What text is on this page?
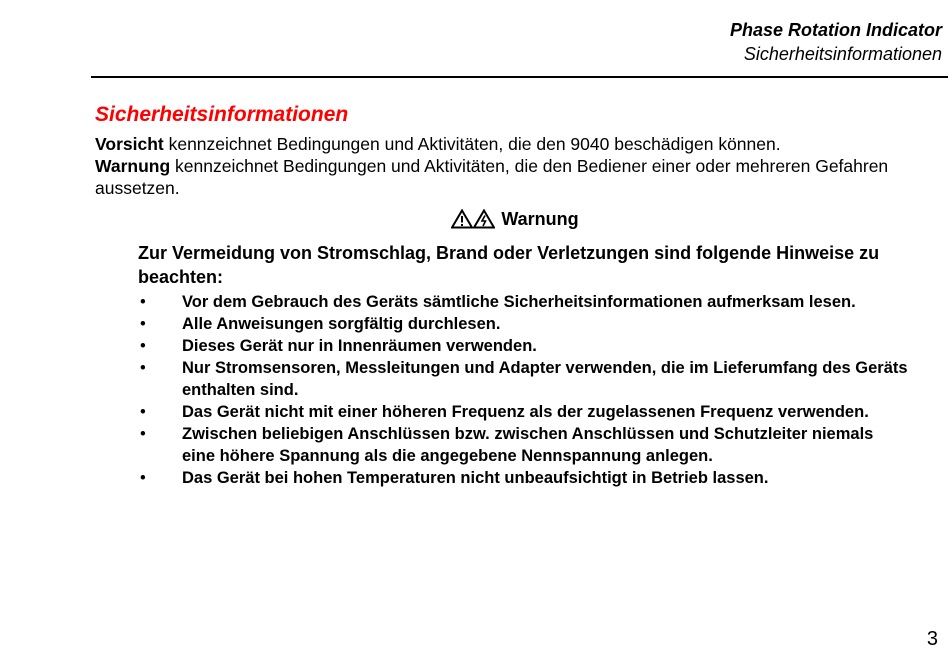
Phase Rotation Indicator
Sicherheitsinformationen
Sicherheitsinformationen
Vorsicht kennzeichnet Bedingungen und Aktivitäten, die den 9040 beschädigen können.
Warnung kennzeichnet Bedingungen und Aktivitäten, die den Bediener einer oder mehreren Gefahren aussetzen.
Warnung
Zur Vermeidung von Stromschlag, Brand oder Verletzungen sind folgende Hinweise zu beachten:
• Vor dem Gebrauch des Geräts sämtliche Sicherheitsinformationen aufmerksam lesen.
• Alle Anweisungen sorgfältig durchlesen.
• Dieses Gerät nur in Innenräumen verwenden.
• Nur Stromsensoren, Messleitungen und Adapter verwenden, die im Lieferumfang des Geräts enthalten sind.
• Das Gerät nicht mit einer höheren Frequenz als der zugelassenen Frequenz verwenden.
• Zwischen beliebigen Anschlüssen bzw. zwischen Anschlüssen und Schutzleiter niemals eine höhere Spannung als die angegebene Nennspannung anlegen.
• Das Gerät bei hohen Temperaturen nicht unbeaufsichtigt in Betrieb lassen.
3
